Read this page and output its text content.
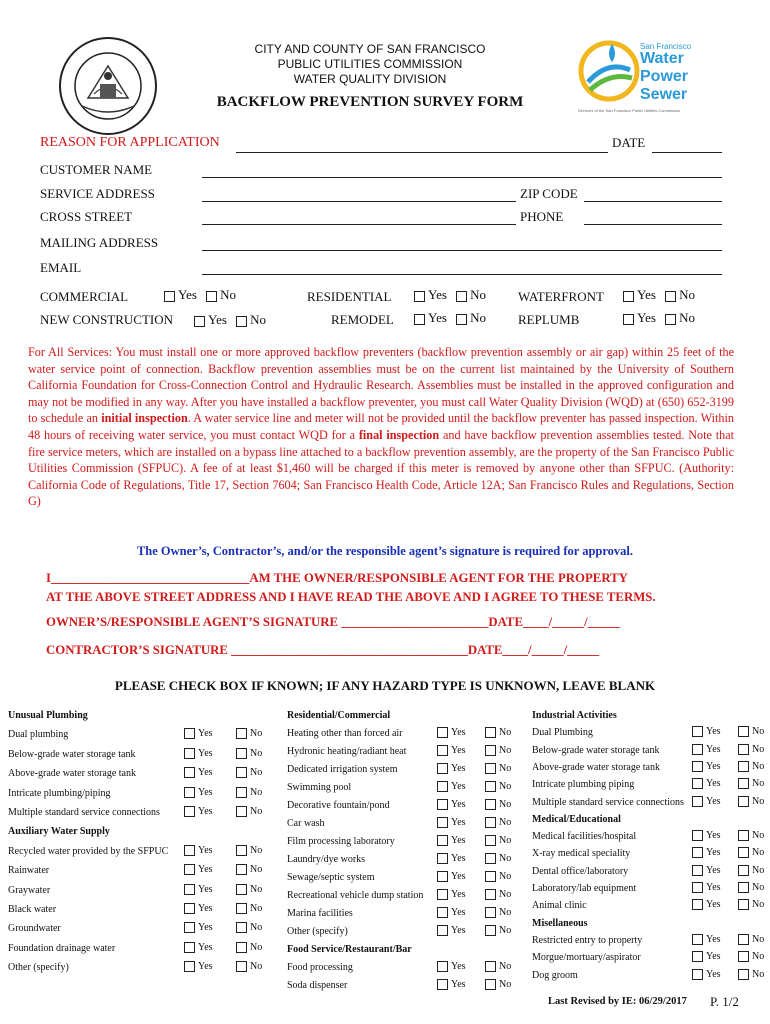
CITY AND COUNTY OF SAN FRANCISCO
PUBLIC UTILITIES COMMISSION
WATER QUALITY DIVISION
BACKFLOW PREVENTION SURVEY FORM
San Francisco
Water
Power
Sewer
Services of the San Francisco Public Utilities Commission
REASON FOR APPLICATION	DATE
CUSTOMER NAME
SERVICE ADDRESS	ZIP CODE
CROSS STREET	PHONE
MAILING ADDRESS
EMAIL
COMMERCIAL	Yes No	RESIDENTIAL	Yes No WATERFRONT	Yes No
NEW CONSTRUCTION	Yes No	REMODEL	Yes No REPLUMB	Yes No
For All Services: You must install one or more approved backflow preventers (backflow prevention assembly or air gap) within 25 feet of the water service point of connection. Backflow prevention assemblies must be on the current list maintained by the University of Southern California Foundation for Cross-Connection Control and Hydraulic Research. Assemblies must be installed in the approved configuration and may not be modified in any way. After you have installed a backflow preventer, you must call Water Quality Division (WQD) at (650) 652-3199 to schedule an initial inspection. A water service line and meter will not be provided until the backflow preventer has passed inspection. Within 48 hours of receiving water service, you must contact WQD for a final inspection and have backflow prevention assemblies tested. Note that fire service meters, which are installed on a bypass line attached to a backflow prevention assembly, are the property of the San Francisco Public Utilities Commission (SFPUC). A fee of at least $1,460 will be charged if this meter is removed by anyone other than SFPUC. (Authority: California Code of Regulations, Title 17, Section 7604; San Francisco Health Code, Article 12A; San Francisco Rules and Regulations, Section G)
The Owner’s, Contractor’s, and/or the responsible agent’s signature is required for approval.
I_______________________________AM THE OWNER/RESPONSIBLE AGENT FOR THE PROPERTY
AT THE ABOVE STREET ADDRESS AND I HAVE READ THE ABOVE AND I AGREE TO THESE TERMS.
OWNER’S/RESPONSIBLE AGENT’S SIGNATURE _______________________DATE____/_____/_____
CONTRACTOR’S SIGNATURE _____________________________________DATE____/_____/_____
PLEASE CHECK BOX IF KNOWN; IF ANY HAZARD TYPE IS UNKNOWN, LEAVE BLANK
Unusual Plumbing
Dual plumbing	Yes	No
Below-grade water storage tank	Yes	No
Above-grade water storage tank	Yes	No
Intricate plumbing/piping	Yes	No
Multiple standard service connections	Yes	No
Auxiliary Water Supply
Recycled water provided by the SFPUC	Yes	No
Rainwater	Yes	No
Graywater	Yes	No
Black water	Yes	No
Groundwater	Yes	No
Foundation drainage water	Yes	No
Other (specify)	Yes	No
Residential/Commercial
Heating other than forced air	Yes	No
Hydronic heating/radiant heat	Yes	No
Dedicated irrigation system	Yes	No
Swimming pool	Yes	No
Decorative fountain/pond	Yes	No
Car wash	Yes	No
Film processing laboratory	Yes	No
Laundry/dye works	Yes	No
Sewage/septic system	Yes	No
Recreational vehicle dump station	Yes	No
Marina facilities	Yes	No
Other (specify)	Yes	No
Food Service/Restaurant/Bar
Food processing	Yes	No
Soda dispenser	Yes	No
Industrial Activities
Dual Plumbing	Yes	No
Below-grade water storage tank	Yes	No
Above-grade water storage tank	Yes	No
Intricate plumbing piping	Yes	No
Multiple standard service connections	Yes	No
Medical/Educational
Medical facilities/hospital	Yes	No
X-ray medical speciality	Yes	No
Dental office/laboratory	Yes	No
Laboratory/lab equipment	Yes	No
Animal clinic	Yes	No
Misellaneous
Restricted entry to property	Yes	No
Morgue/mortuary/aspirator	Yes	No
Dog groom	Yes	No
Last Revised by IE: 06/29/2017 P. 1/2
